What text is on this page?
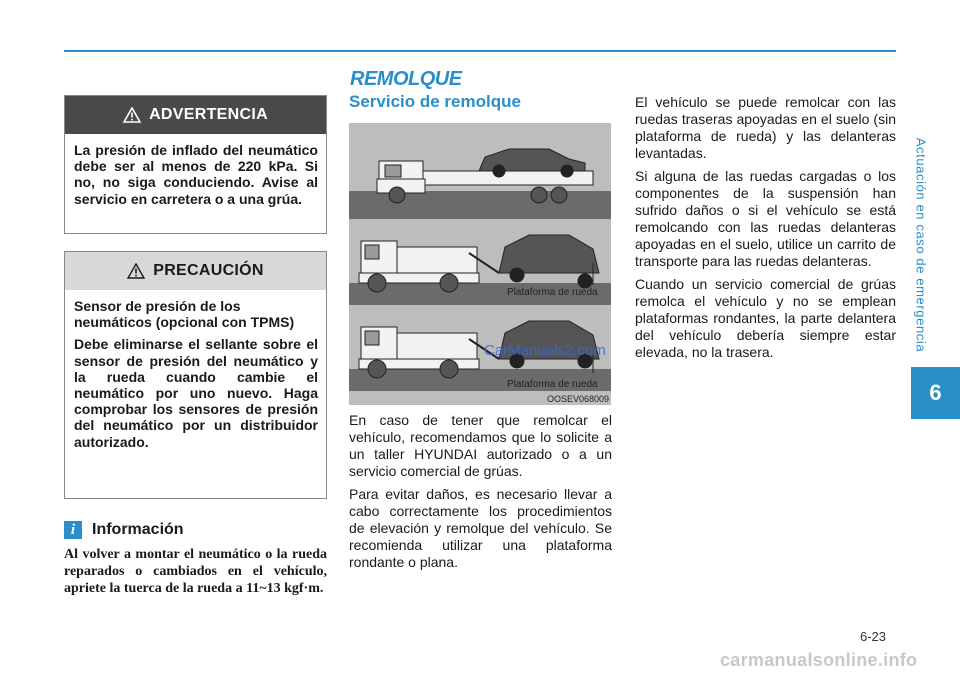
Actuación en caso de emergencia
6
REMOLQUE
Servicio de remolque
ADVERTENCIA

La presión de inflado del neumático debe ser al menos de 220 kPa. Si no, no siga conduciendo. Avise al servicio en carretera o a una grúa.

PRECAUCIÓN

Sensor de presión de los neumáticos (opcional con TPMS)

Debe eliminarse el sellante sobre el sensor de presión del neumático y la rueda cuando cambie el neumático por uno nuevo. Haga comprobar los sensores de presión del neumático por un distribuidor autorizado.

i	Información
Al volver a montar el neumático o la rueda reparados o cambiados en el vehículo, apriete la tuerca de la rueda a 11~13 kgf·m.
Plataforma de rueda
Plataforma de rueda
OOSEV068009
CarManuals2.com

En caso de tener que remolcar el vehículo, recomendamos que lo solicite a un taller HYUNDAI autorizado o a un servicio comercial de grúas.

Para evitar daños, es necesario llevar a cabo correctamente los procedimientos de elevación y remolque del vehículo. Se recomienda utilizar una plataforma rondante o plana.

El vehículo se puede remolcar con las ruedas traseras apoyadas en el suelo (sin plataforma de rueda) y las delanteras levantadas.

Si alguna de las ruedas cargadas o los componentes de la suspensión han sufrido daños o si el vehículo se está remolcando con las ruedas delanteras apoyadas en el suelo, utilice un carrito de transporte para las ruedas delanteras.

Cuando un servicio comercial de grúas remolca el vehículo y no se emplean plataformas rondantes, la parte delantera del vehículo debería siempre estar elevada, no la trasera.

6-23
carmanualsonline.info
